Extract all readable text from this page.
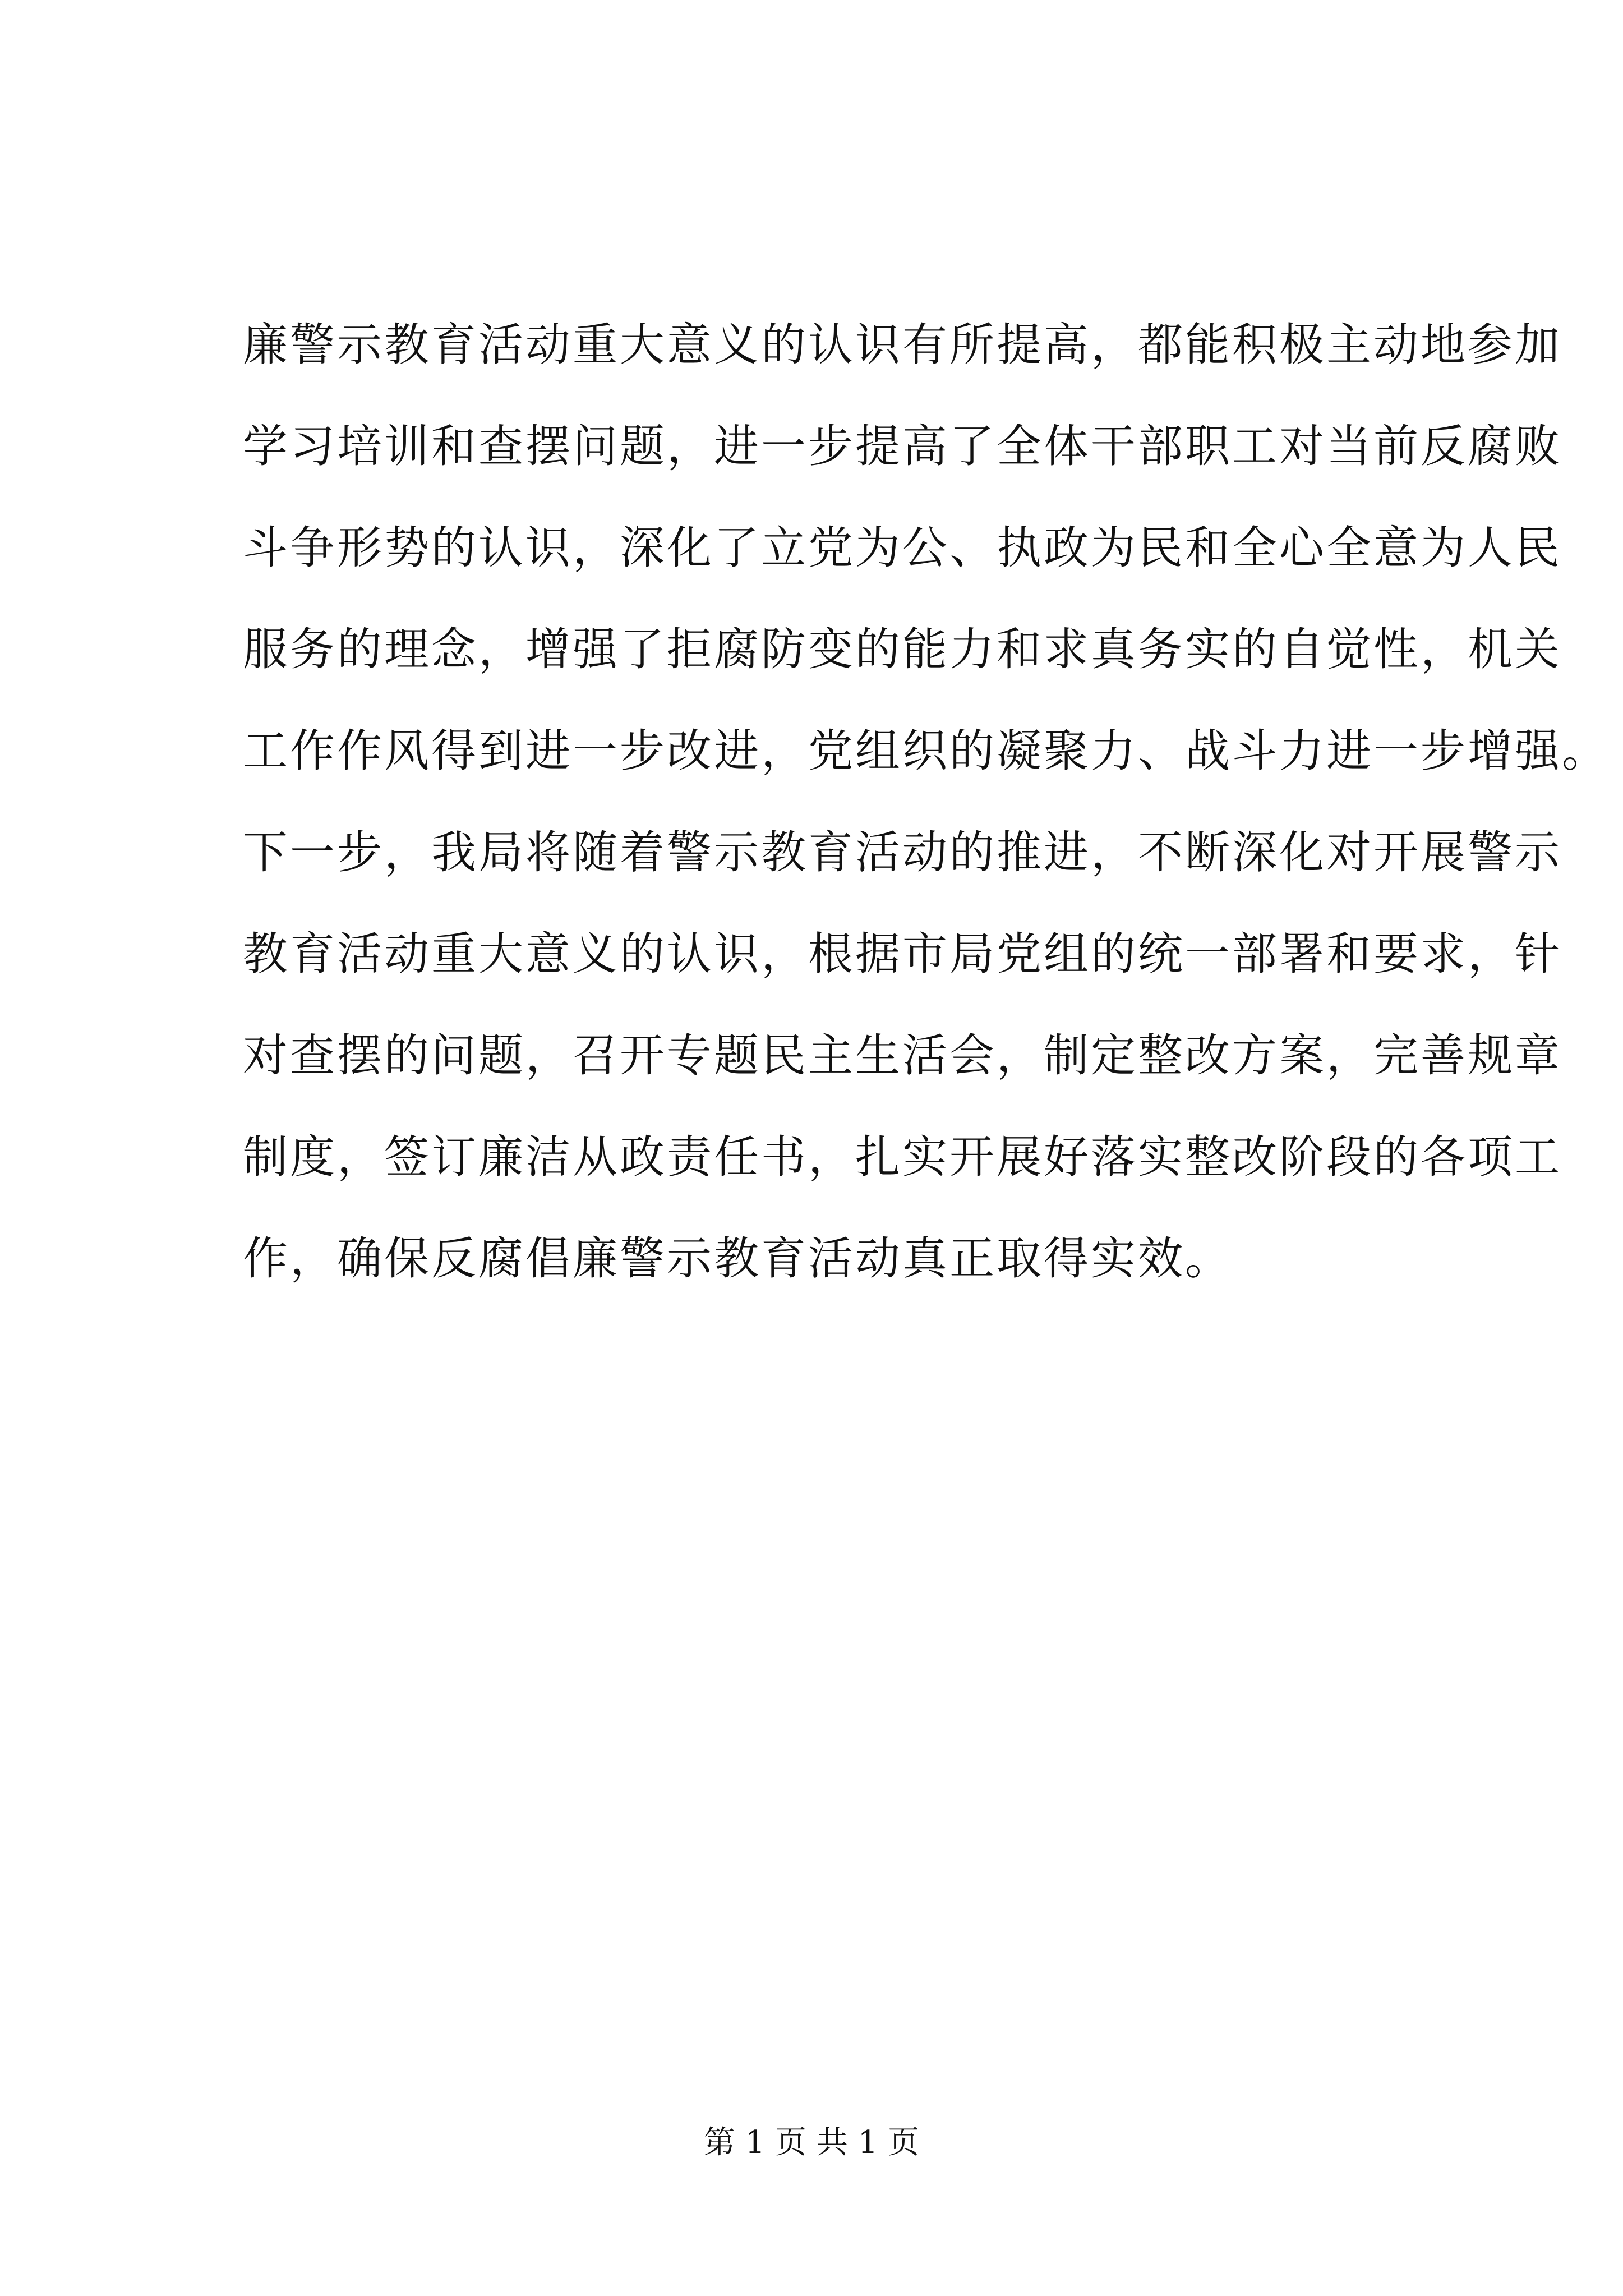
廉警示教育活动重大意义的认识有所提高，都能积极主动地参加
学习培训和查摆问题，进一步提高了全体干部职工对当前反腐败
斗争形势的认识，深化了立党为公、执政为民和全心全意为人民
服务的理念，增强了拒腐防变的能力和求真务实的自觉性，机关
工作作风得到进一步改进，党组织的凝聚力、战斗力进一步增强。
下一步，我局将随着警示教育活动的推进，不断深化对开展警示
教育活动重大意义的认识，根据市局党组的统一部署和要求，针
对查摆的问题，召开专题民主生活会，制定整改方案，完善规章
制度，签订廉洁从政责任书，扎实开展好落实整改阶段的各项工
作，确保反腐倡廉警示教育活动真正取得实效。
第 1 页 共 1 页
